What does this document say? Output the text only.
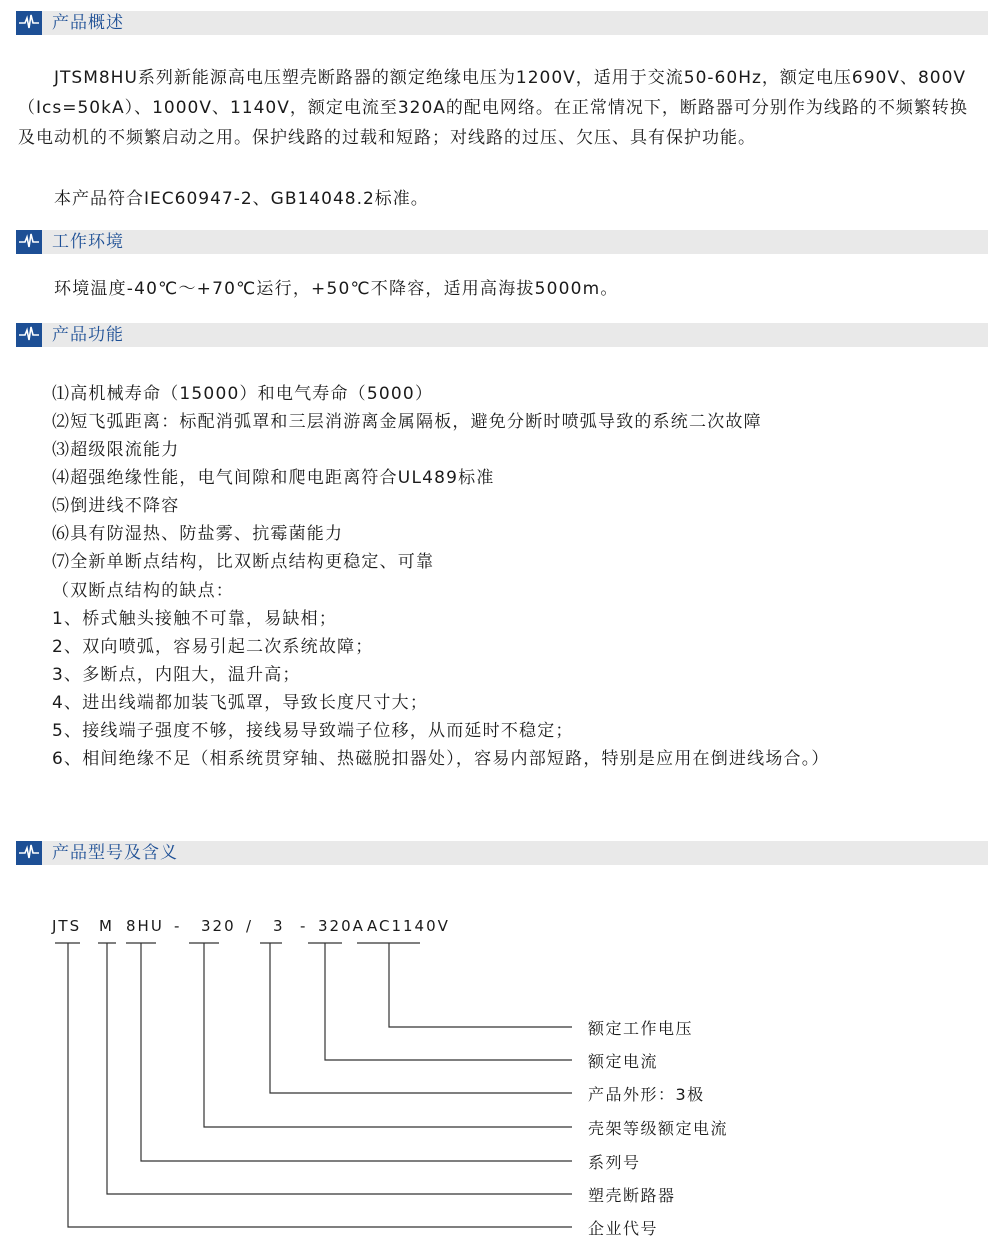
产品概述

JTSM8HU系列新能源高电压塑壳断路器的额定绝缘电压为1200V，适用于交流50-60Hz，额定电压690V、800V（Ics=50kA）、1000V、1140V，额定电流至320A的配电网络。在正常情况下，断路器可分别作为线路的不频繁转换及电动机的不频繁启动之用。保护线路的过载和短路；对线路的过压、欠压、具有保护功能。

本产品符合IEC60947-2、GB14048.2标准。

工作环境
环境温度-40℃～+70℃运行，+50℃不降容，适用高海拔5000m。
产品功能
⑴高机械寿命（15000）和电气寿命（5000）
⑵短飞弧距离：标配消弧罩和三层消游离金属隔板，避免分断时喷弧导致的系统二次故障
⑶超级限流能力
⑷超强绝缘性能，电气间隙和爬电距离符合UL489标准
⑸倒进线不降容
⑹具有防湿热、防盐雾、抗霉菌能力
⑺全新单断点结构，比双断点结构更稳定、可靠
（双断点结构的缺点：
1、桥式触头接触不可靠，易缺相；
2、双向喷弧，容易引起二次系统故障；
3、多断点，内阻大，温升高；
4、进出线端都加装飞弧罩，导致长度尺寸大；
5、接线端子强度不够，接线易导致端子位移，从而延时不稳定；
6、相间绝缘不足（相系统贯穿轴、热磁脱扣器处），容易内部短路，特别是应用在倒进线场合。）
产品型号及含义
JTS M 8HU - 320 / 3 - 320A AC1140V
额定工作电压
额定电流
产品外形：3极
壳架等级额定电流
系列号
塑壳断路器
企业代号
